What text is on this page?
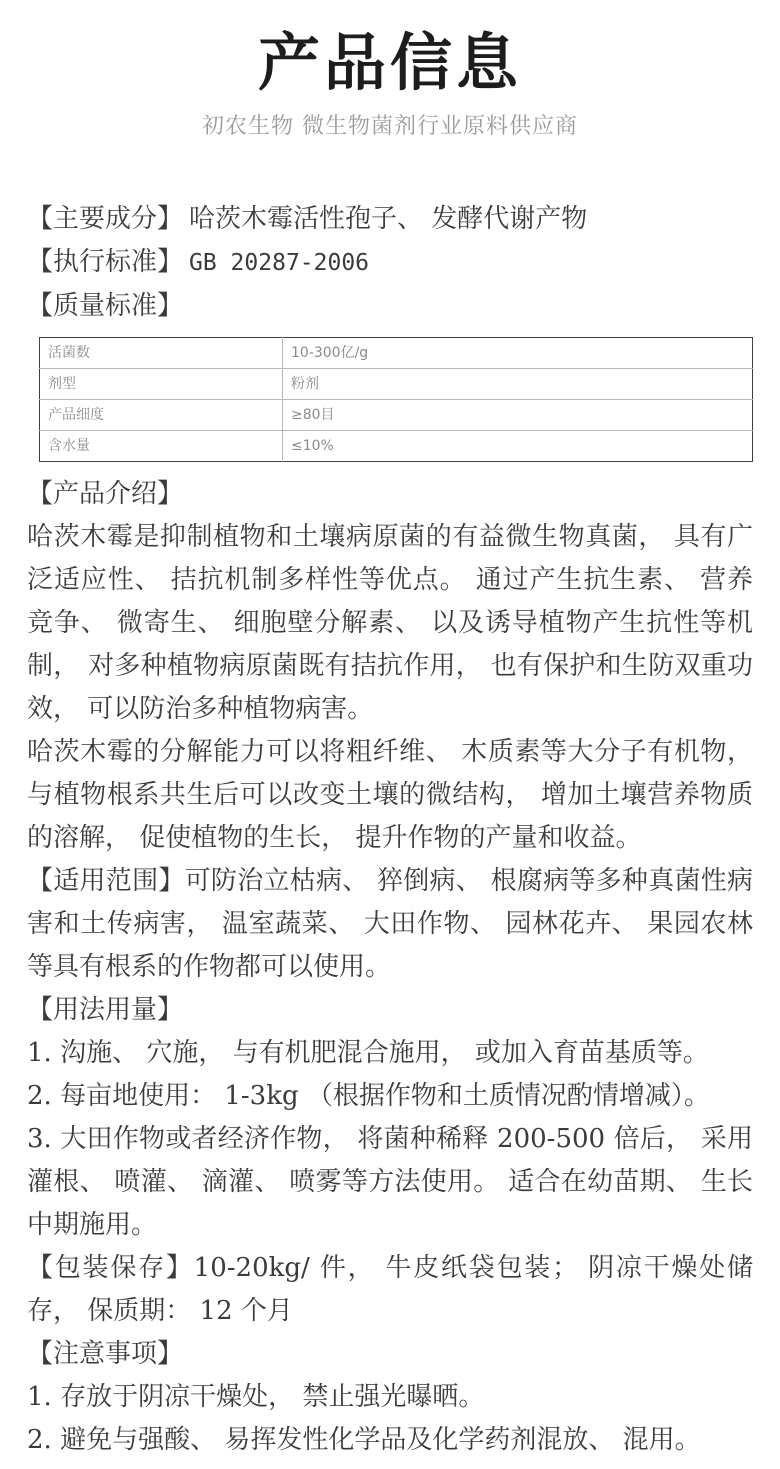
产品信息
初农生物 微生物菌剂行业原料供应商
【主要成分】 哈茨木霉活性孢子、 发酵代谢产物
【执行标准】 GB 20287-2006
【质量标准】
活菌数	10-300亿/g
剂型	粉剂
产品细度	≥80目
含水量	≤10%
【产品介绍】
哈茨木霉是抑制植物和土壤病原菌的有益微生物真菌， 具有广泛适应性、 拮抗机制多样性等优点。 通过产生抗生素、 营养竞争、 微寄生、 细胞壁分解素、 以及诱导植物产生抗性等机制， 对多种植物病原菌既有拮抗作用， 也有保护和生防双重功效， 可以防治多种植物病害。
哈茨木霉的分解能力可以将粗纤维、 木质素等大分子有机物， 与植物根系共生后可以改变土壤的微结构， 增加土壤营养物质的溶解， 促使植物的生长， 提升作物的产量和收益。
【适用范围】可防治立枯病、 猝倒病、 根腐病等多种真菌性病害和土传病害， 温室蔬菜、 大田作物、 园林花卉、 果园农林等具有根系的作物都可以使用。
【用法用量】
1. 沟施、 穴施， 与有机肥混合施用， 或加入育苗基质等。
2. 每亩地使用： 1-3kg （根据作物和土质情况酌情增减）。
3. 大田作物或者经济作物， 将菌种稀释 200-500 倍后， 采用灌根、 喷灌、 滴灌、 喷雾等方法使用。 适合在幼苗期、 生长中期施用。
【包装保存】10-20kg/ 件， 牛皮纸袋包装； 阴凉干燥处储存， 保质期： 12 个月
【注意事项】
1. 存放于阴凉干燥处， 禁止强光曝晒。
2. 避免与强酸、 易挥发性化学品及化学药剂混放、 混用。
